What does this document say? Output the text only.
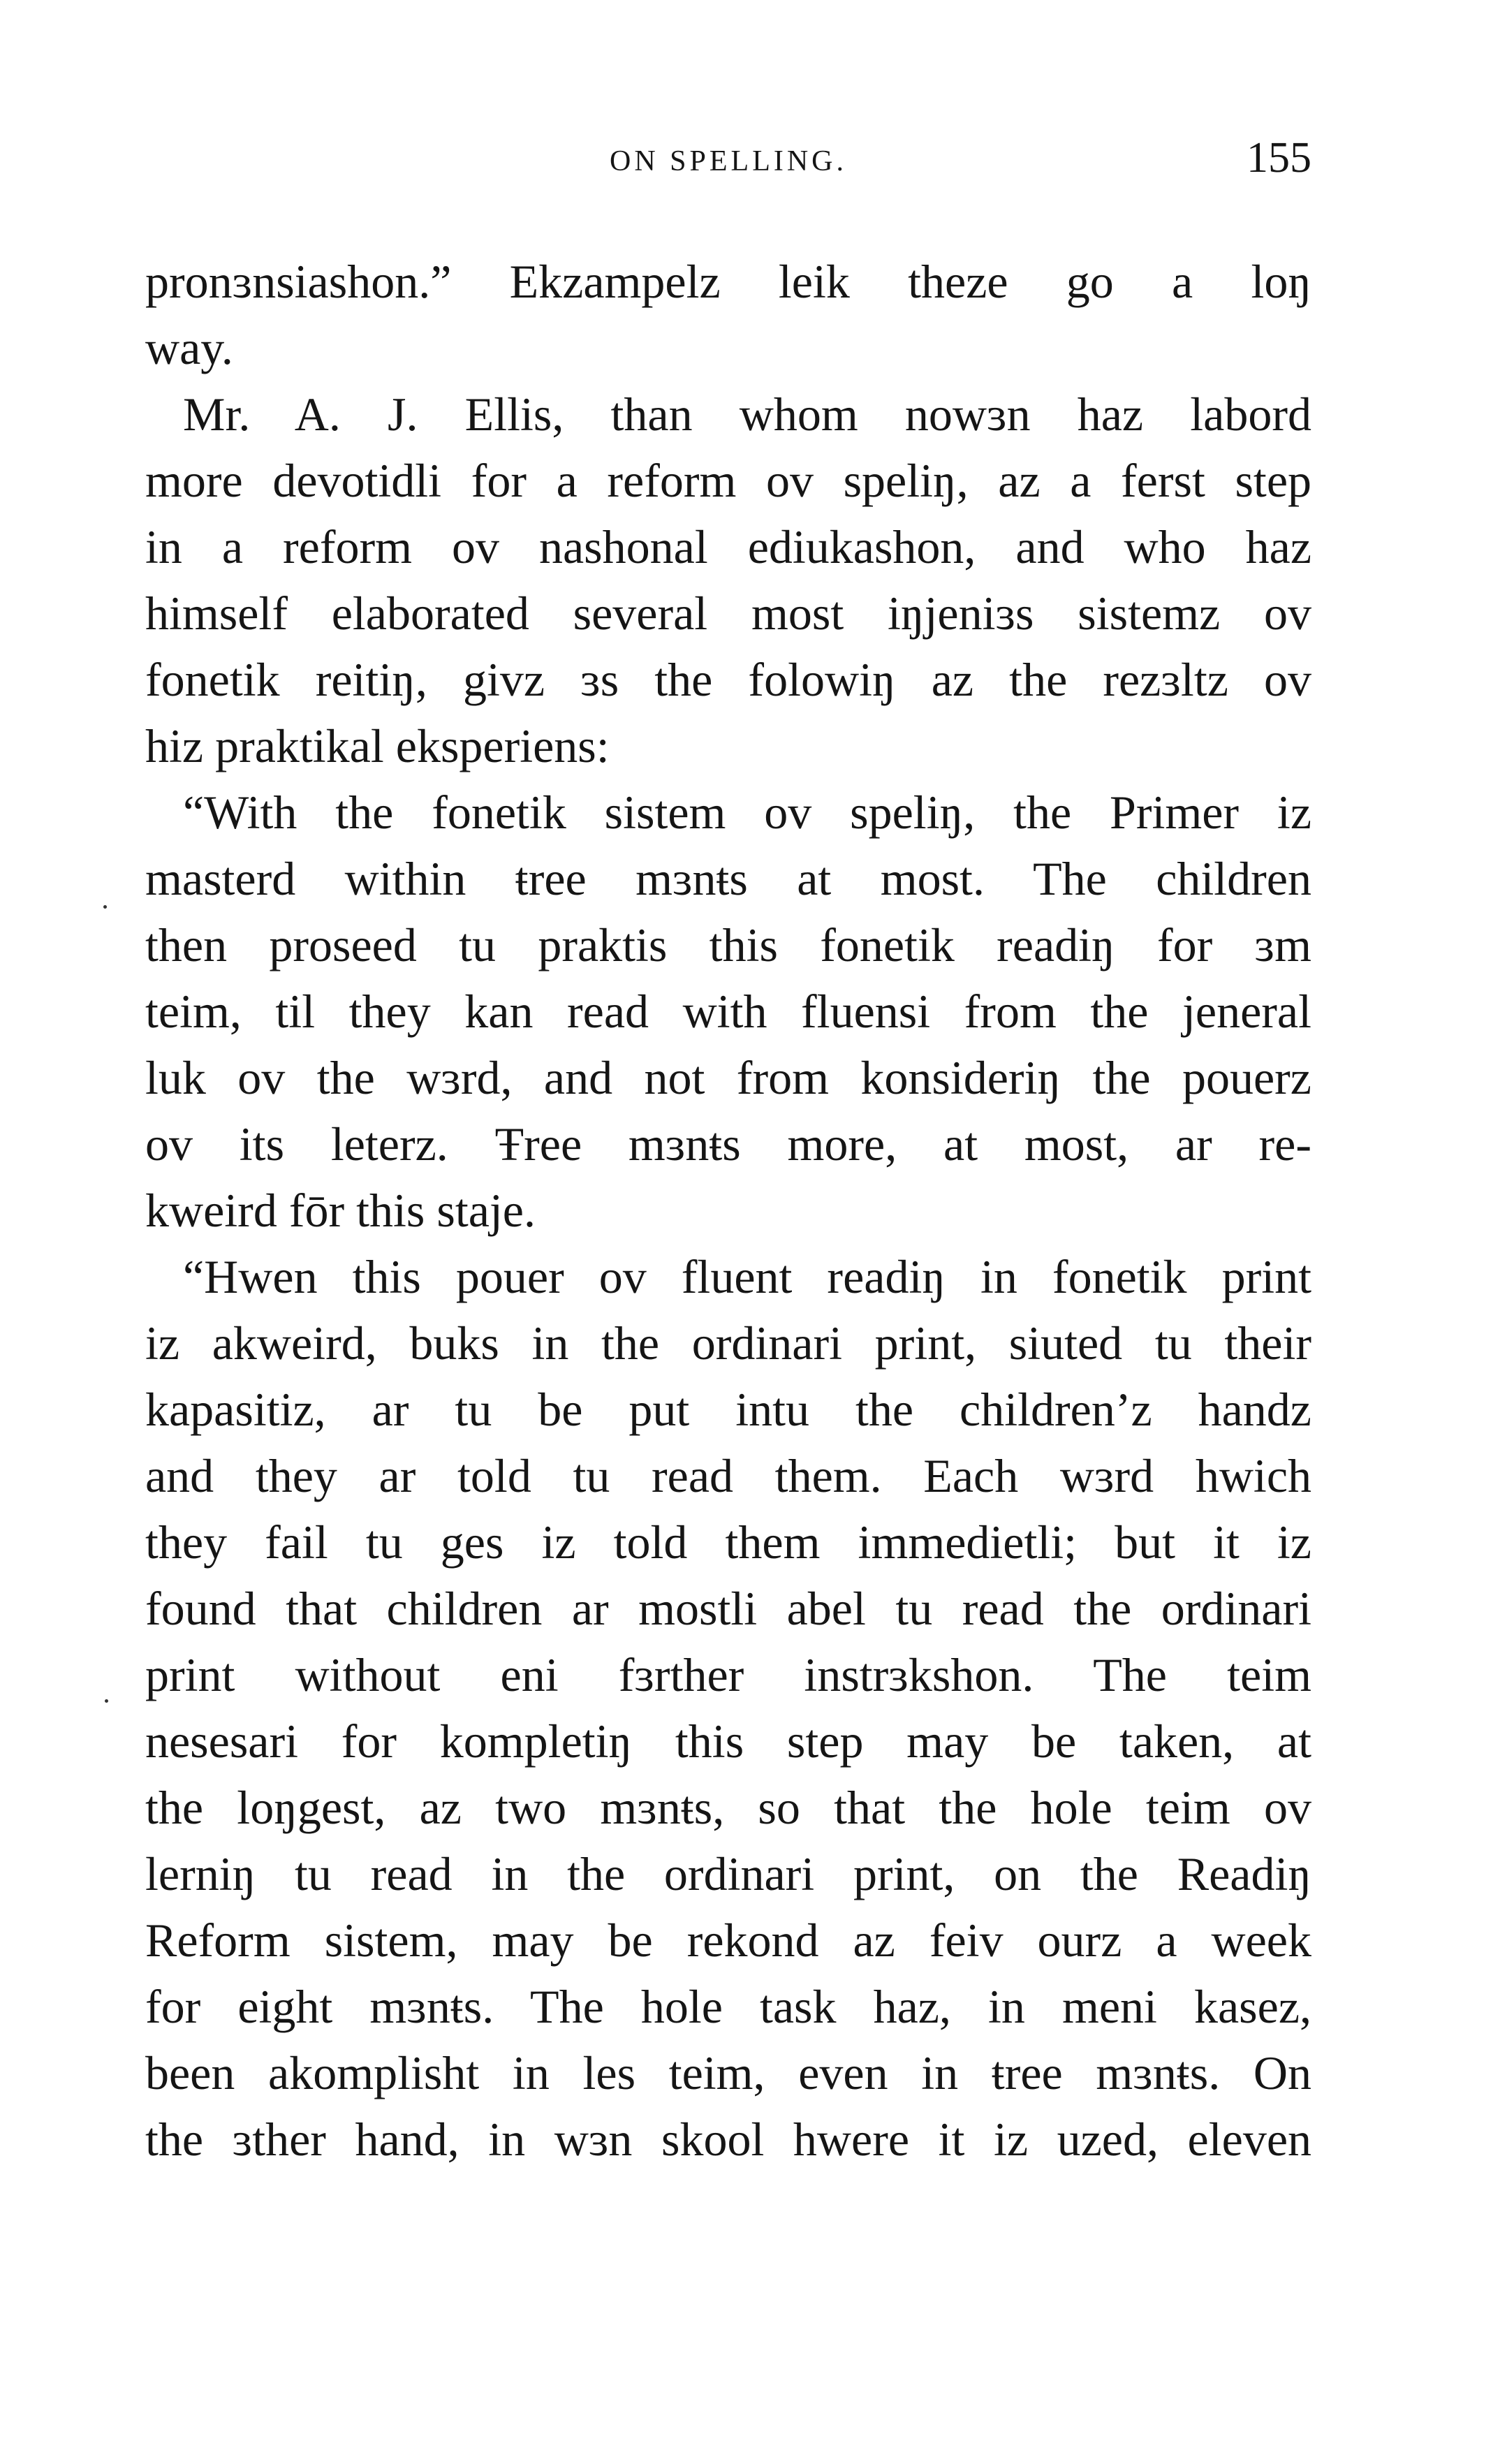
ON SPELLING.	155
pronɜnsiashon.” Ekzampelz leik theze go a loŋ
way.
Mr. A. J. Ellis, than whom nowɜn haz labord
more devotidli for a reform ov speliŋ, az a ferst step
in a reform ov nashonal ediukashon, and who haz
himself elaborated several most iŋjeniɜs sistemz ov
fonetik reitiŋ, givz ɜs the folowiŋ az the rezɜltz ov
hiz praktikal eksperiens:
“With the fonetik sistem ov speliŋ, the Primer iz
masterd within ŧree mɜnŧs at most. The children
then proseed tu praktis this fonetik readiŋ for ɜm
teim, til they kan read with fluensi from the jeneral
luk ov the wɜrd, and not from konsideriŋ the pouerz
ov its leterz. Ŧree mɜnŧs more, at most, ar re-
kweird fōr this staje.
“Hwen this pouer ov fluent readiŋ in fonetik print
iz akweird, buks in the ordinari print, siuted tu their
kapasitiz, ar tu be put intu the children’z handz
and they ar told tu read them. Each wɜrd hwich
they fail tu ges iz told them immedietli; but it iz
found that children ar mostli abel tu read the ordinari
print without eni fɜrther instrɜkshon. The teim
nesesari for kompletiŋ this step may be taken, at
the loŋgest, az two mɜnŧs, so that the hole teim ov
lerniŋ tu read in the ordinari print, on the Readiŋ
Reform sistem, may be rekond az feiv ourz a week
for eight mɜnŧs. The hole task haz, in meni kasez,
been akomplisht in les teim, even in ŧree mɜnŧs. On
the ɜther hand, in wɜn skool hwere it iz uzed, eleven
